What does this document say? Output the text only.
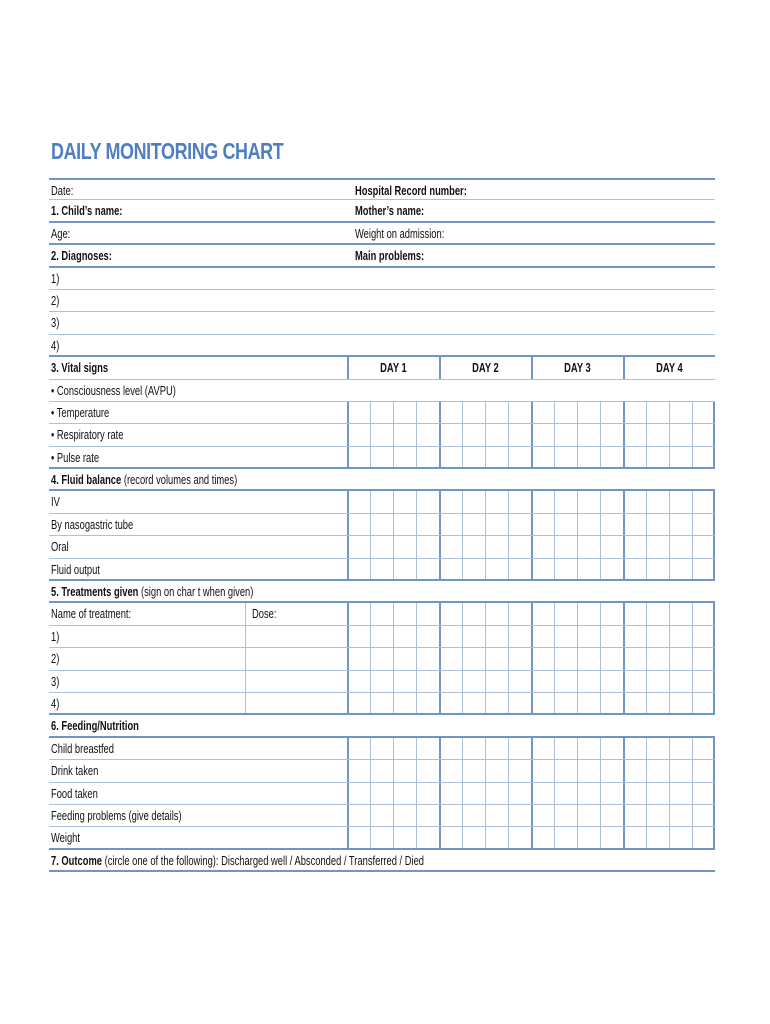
DAILY MONITORING CHART
Date:	Hospital Record number:
1. Child’s name:	Mother’s name:
Age:	Weight on admission:
2. Diagnoses:	Main problems:
1)
2)
3)
4)
3. Vital signs	DAY 1	DAY 2	DAY 3	DAY 4
• Consciousness level (AVPU)
• Temperature
• Respiratory rate
• Pulse rate
4. Fluid balance (record volumes and times)
IV
By nasogastric tube
Oral
Fluid output
5. Treatments given (sign on char t when given)
Name of treatment:	Dose:
1)
2)
3)
4)
6. Feeding/Nutrition
Child breastfed
Drink taken
Food taken
Feeding problems (give details)
Weight
7. Outcome (circle one of the following): Discharged well / Absconded / Transferred / Died
